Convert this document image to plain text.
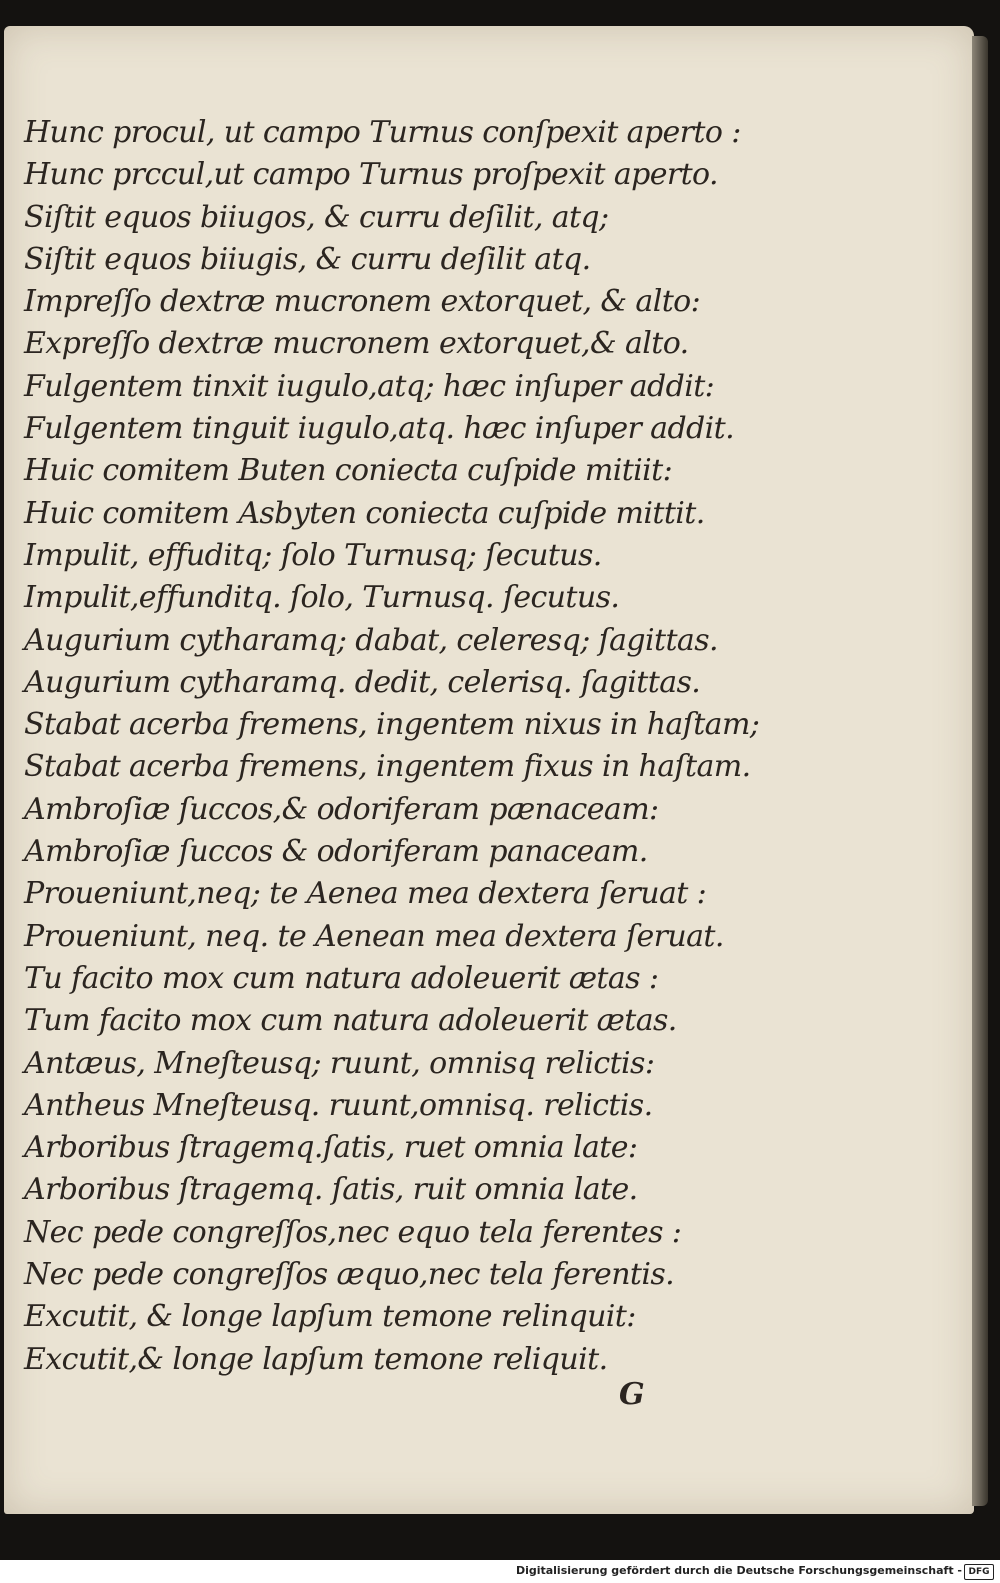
Hunc procul, ut campo Turnus conſpexit aperto :
Hunc prccul,ut campo Turnus proſpexit aperto.
Siſtit equos biiugos, & curru deſilit, atq;
Siſtit equos biiugis, & curru deſilit atq.
Impreſſo dextræ mucronem extorquet, & alto:
Expreſſo dextræ mucronem extorquet,& alto.
Fulgentem tinxit iugulo,atq; hæc inſuper addit:
Fulgentem tinguit iugulo,atq. hæc inſuper addit.
Huic comitem Buten coniecta cuſpide mitiit:
Huic comitem Asbyten coniecta cuſpide mittit.
Impulit, effuditq; ſolo Turnusq; ſecutus.
Impulit,effunditq. ſolo, Turnusq. ſecutus.
Augurium cytharamq; dabat, celeresq; ſagittas.
Augurium cytharamq. dedit, celerisq. ſagittas.
Stabat acerba fremens, ingentem nixus in haſtam;
Stabat acerba fremens, ingentem fixus in haſtam.
Ambroſiæ ſuccos,& odoriferam pænaceam:
Ambroſiæ ſuccos & odoriferam panaceam.
Proueniunt,neq; te Aenea mea dextera ſeruat :
Proueniunt, neq. te Aenean mea dextera ſeruat.
Tu facito mox cum natura adoleuerit ætas :
Tum facito mox cum natura adoleuerit ætas.
Antæus, Mneſteusq; ruunt, omnisq relictis:
Antheus Mneſteusq. ruunt,omnisq. relictis.
Arboribus ſtragemq.ſatis, ruet omnia late:
Arboribus ſtragemq. ſatis, ruit omnia late.
Nec pede congreſſos,nec equo tela ferentes :
Nec pede congreſſos æquo,nec tela ferentis.
Excutit, & longe lapſum temone relinquit:
Excutit,& longe lapſum temone reliquit.
G
Digitalisierung gefördert durch die Deutsche Forschungsgemeinschaft - DFG
